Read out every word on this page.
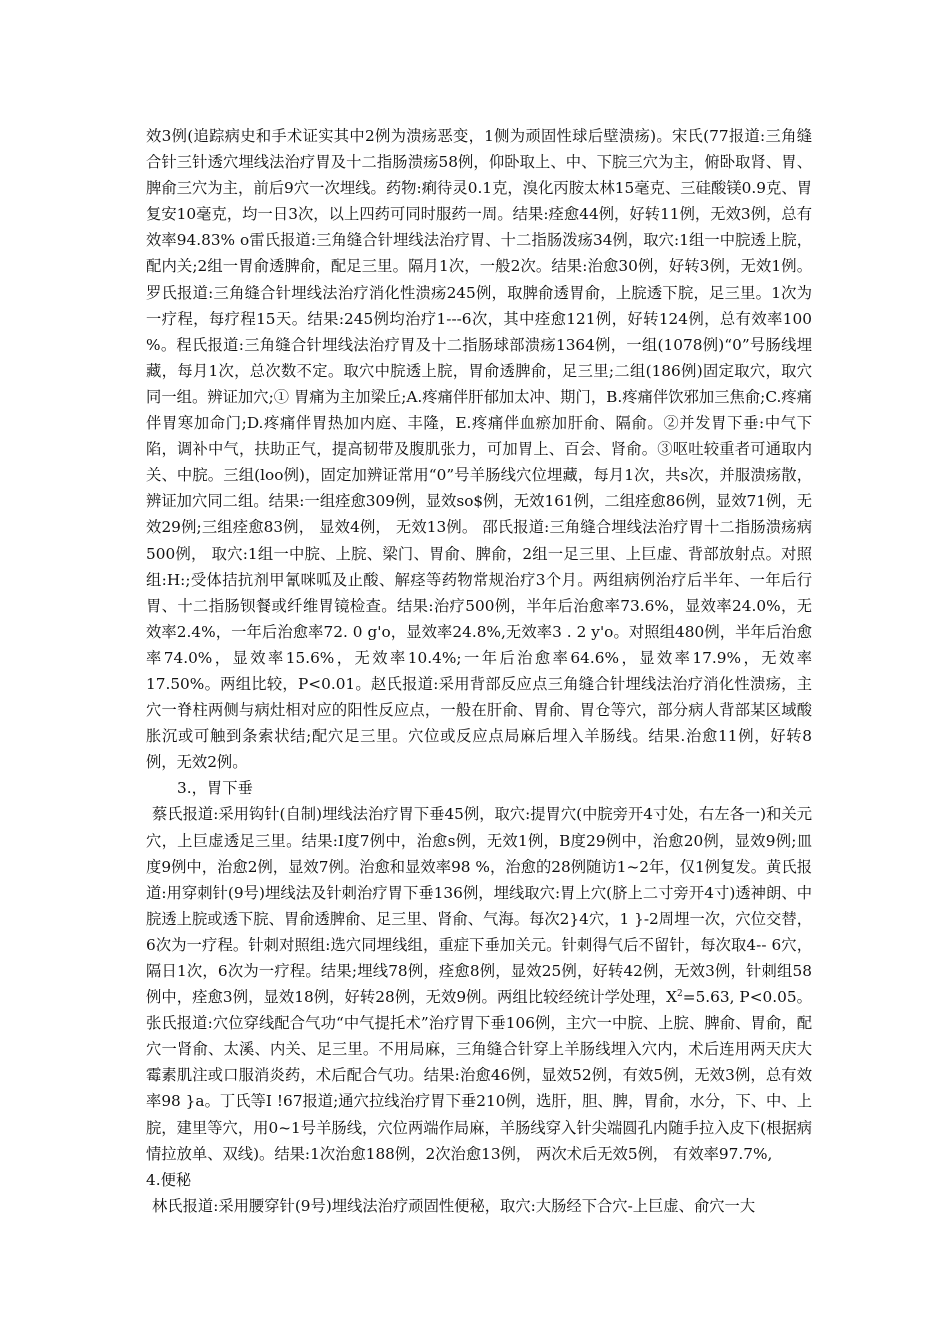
效3例(追踪病史和手术证实其中2例为溃疡恶变，1侧为顽固性球后壁溃疡)。宋氏(77报道:三角缝合针三针透穴埋线法治疗胃及十二指肠溃疡58例，仰卧取上、中、下脘三穴为主，俯卧取肾、胃、脾俞三穴为主，前后9穴一次埋线。药物:痢待灵0.1克，溴化丙胺太林15毫克、三硅酸镁0.9克、胃复安10毫克，均一日3次，以上四药可同时服药一周。结果:痊愈44例，好转11例，无效3例，总有效率94.83% o雷氏报道:三角缝合针埋线法治疗胃、十二指肠泼疡34例，取穴:1组一中脘透上脘，配内关;2组一胃俞透脾俞，配足三里。隔月1次，一般2次。结果:治愈30例，好转3例，无效1例。罗氏报道:三角缝合针埋线法治疗消化性溃疡245例，取脾俞透胃俞，上脘透下脘，足三里。1次为一疗程，每疗程15天。结果:245例均治疗1---6次，其中痊愈121例，好转124例，总有效率100 %。程氏报道:三角缝合针埋线法治疗胃及十二指肠球部溃疡1364例，一组(1078例)“0”号肠线埋藏，每月1次，总次数不定。取穴中脘透上脘，胃俞透脾俞，足三里;二组(186例)固定取穴，取穴同一组。辨证加穴;① 胃痛为主加梁丘;A.疼痛伴肝郁加太冲、期门，B.疼痛伴饮邪加三焦俞;C.疼痛伴胃寒加命门;D.疼痛伴胃热加内庭、丰隆，E.疼痛伴血瘀加肝俞、隔俞。②并发胃下垂:中气下陷，调补中气，扶助正气，提高韧带及腹肌张力，可加胃上、百会、肾俞。③呕吐较重者可通取内关、中脘。三组(loo例)，固定加辨证常用“0”号羊肠线穴位埋藏，每月1次，共s次，并服溃疡散，辨证加穴同二组。结果:一组痊愈309例，显效so$例，无效161例，二组痊愈86例，显效71例，无效29例;三组痊愈83例， 显效4例， 无效13例。 邵氏报道:三角缝合埋线法治疗胃十二指肠溃疡病500例， 取穴:1组一中脘、上脘、梁门、胃俞、脾俞，2组一足三里、上巨虚、背部放射点。对照组:H:;受体拮抗剂甲氰咪呱及止酸、解痉等药物常规治疗3个月。两组病例治疗后半年、一年后行胃、十二指肠钡餐或纤维胃镜检查。结果:治疗500例，半年后治愈率73.6%，显效率24.0%，无效率2.4%，一年后治愈率72. 0 g'o，显效率24.8%,无效率3 . 2 y'o。对照组480例，半年后治愈率74.0%，显效率15.6%，无效率10.4%;一年后治愈率64.6%，显效率17.9%，无效率17.50%。两组比较，P<0.01。赵氏报道:采用背部反应点三角缝合针埋线法治疗消化性溃疡，主穴一脊柱两侧与病灶相对应的阳性反应点，一般在肝俞、胃俞、胃仓等穴，部分病人背部某区域酸胀沉或可触到条索状结;配穴足三里。穴位或反应点局麻后埋入羊肠线。结果.治愈11例，好转8例，无效2例。

3.，胃下垂

蔡氏报道:采用钩针(自制)埋线法治疗胃下垂45例，取穴:提胃穴(中脘旁开4寸处，右左各一)和关元穴，上巨虚透足三里。结果:I度7例中，治愈s例，无效1例，B度29例中，治愈20例，显效9例;皿度9例中，治愈2例，显效7例。治愈和显效率98 %，治愈的28例随访1~2年，仅1例复发。黄氏报道:用穿刺针(9号)埋线法及针刺治疗胃下垂136例，埋线取穴:胃上穴(脐上二寸旁开4寸)透神朗、中脘透上脘或透下脘、胃俞透脾俞、足三里、肾俞、气海。每次2}4穴，1 }-2周埋一次，穴位交替，6次为一疗程。针刺对照组:选穴同埋线组，重症下垂加关元。针刺得气后不留针，每次取4-- 6穴，隔日1次，6次为一疗程。结果;埋线78例，痊愈8例，显效25例，好转42例，无效3例，针刺组58例中，痊愈3例，显效18例，好转28例，无效9例。两组比较经统计学处理，$X^2=5.63$, P<0.05。张氏报道:穴位穿线配合气功“中气提托术”治疗胃下垂106例，主穴一中脘、上脘、脾俞、胃俞，配穴一肾俞、太溪、内关、足三里。不用局麻，三角缝合针穿上羊肠线埋入穴内，术后连用两天庆大霉素肌注或口服消炎药，术后配合气功。结果:治愈46例，显效52例，有效5例，无效3例，总有效率98 }a。丁氏等I !67报道;通穴拉线治疗胃下垂210例，选肝，胆、脾，胃俞，水分，下、中、上脘，建里等穴，用0~1号羊肠线，穴位两端作局麻，羊肠线穿入针尖端圆孔内随手拉入皮下(根据病情拉放单、双线)。结果:1次治愈188例，2次治愈13例， 两次术后无效5例， 有效率97.7%,

4.便秘

林氏报道:采用腰穿针(9号)埋线法治疗顽固性便秘，取穴:大肠经下合穴-上巨虚、俞穴一大
